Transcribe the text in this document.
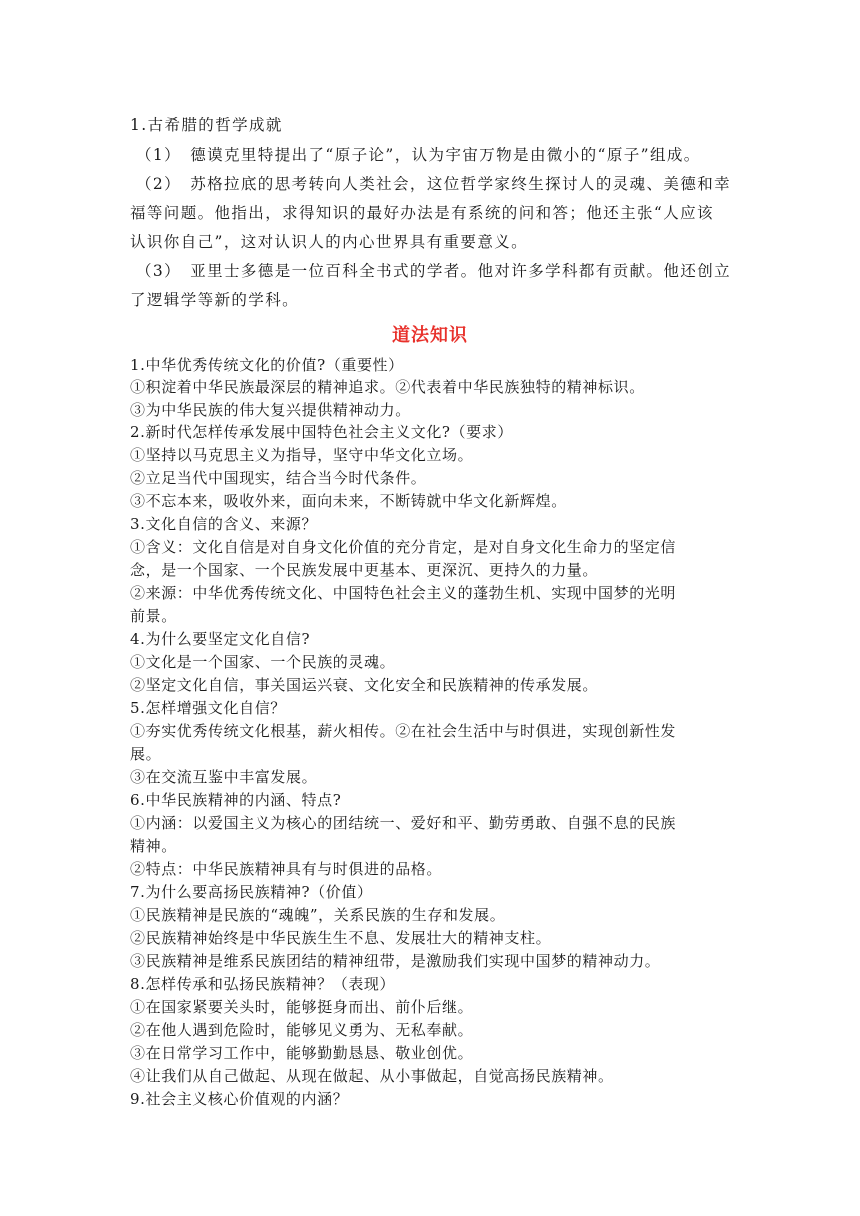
1.古希腊的哲学成就
（1）　德谟克里特提出了“原子论”，认为宇宙万物是由微小的“原子”组成。
（2）　苏格拉底的思考转向人类社会，这位哲学家终生探讨人的灵魂、美德和幸
福等问题。他指出，求得知识的最好办法是有系统的问和答；他还主张“人应该
认识你自己”，这对认识人的内心世界具有重要意义。
（3）　亚里士多德是一位百科全书式的学者。他对许多学科都有贡献。他还创立
了逻辑学等新的学科。
道法知识
1.中华优秀传统文化的价值?（重要性）
①积淀着中华民族最深层的精神追求。②代表着中华民族独特的精神标识。
③为中华民族的伟大复兴提供精神动力。
2.新时代怎样传承发展中国特色社会主义文化?（要求）
①坚持以马克思主义为指导，坚守中华文化立场。
②立足当代中国现实，结合当今时代条件。
③不忘本来，吸收外来，面向未来，不断铸就中华文化新辉煌。
3.文化自信的含义、来源？
①含义：文化自信是对自身文化价值的充分肯定，是对自身文化生命力的坚定信
念，是一个国家、一个民族发展中更基本、更深沉、更持久的力量。
②来源：中华优秀传统文化、中国特色社会主义的蓬勃生机、实现中国梦的光明
前景。
4.为什么要坚定文化自信?
①文化是一个国家、一个民族的灵魂。
②坚定文化自信，事关国运兴衰、文化安全和民族精神的传承发展。
5.怎样增强文化自信？
①夯实优秀传统文化根基，薪火相传。②在社会生活中与时俱进，实现创新性发
展。
③在交流互鉴中丰富发展。
6.中华民族精神的内涵、特点?
①内涵：以爱国主义为核心的团结统一、爱好和平、勤劳勇敢、自强不息的民族
精神。
②特点：中华民族精神具有与时俱进的品格。
7.为什么要高扬民族精神?（价值）
①民族精神是民族的“魂魄”，关系民族的生存和发展。
②民族精神始终是中华民族生生不息、发展壮大的精神支柱。
③民族精神是维系民族团结的精神纽带，是激励我们实现中国梦的精神动力。
8.怎样传承和弘扬民族精神？（表现）
①在国家紧要关头时，能够挺身而出、前仆后继。
②在他人遇到危险时，能够见义勇为、无私奉献。
③在日常学习工作中，能够勤勤恳恳、敬业创优。
④让我们从自己做起、从现在做起、从小事做起，自觉高扬民族精神。
9.社会主义核心价值观的内涵？
